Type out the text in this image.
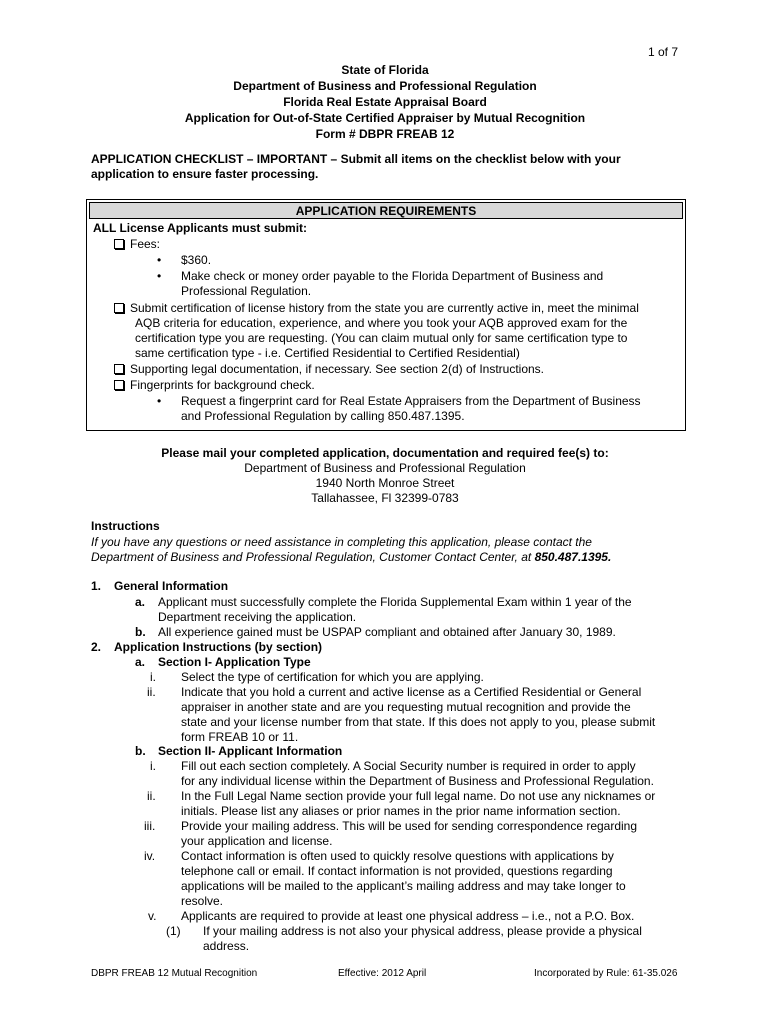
1 of 7
State of Florida
Department of Business and Professional Regulation
Florida Real Estate Appraisal Board
Application for Out-of-State Certified Appraiser by Mutual Recognition
Form # DBPR FREAB 12
APPLICATION CHECKLIST – IMPORTANT – Submit all items on the checklist below with your
application to ensure faster processing.
APPLICATION REQUIREMENTS
ALL License Applicants must submit:
Fees:
• $360.
• Make check or money order payable to the Florida Department of Business and
Professional Regulation.
Submit certification of license history from the state you are currently active in, meet the minimal
AQB criteria for education, experience, and where you took your AQB approved exam for the
certification type you are requesting. (You can claim mutual only for same certification type to
same certification type - i.e. Certified Residential to Certified Residential)
Supporting legal documentation, if necessary. See section 2(d) of Instructions.
Fingerprints for background check.
• Request a fingerprint card for Real Estate Appraisers from the Department of Business
and Professional Regulation by calling 850.487.1395.
Please mail your completed application, documentation and required fee(s) to:
Department of Business and Professional Regulation
1940 North Monroe Street
Tallahassee, Fl 32399-0783
Instructions
If you have any questions or need assistance in completing this application, please contact the
Department of Business and Professional Regulation, Customer Contact Center, at 850.487.1395.
1. General Information
a. Applicant must successfully complete the Florida Supplemental Exam within 1 year of the
Department receiving the application.
b. All experience gained must be USPAP compliant and obtained after January 30, 1989.
2. Application Instructions (by section)
a. Section I- Application Type
i. Select the type of certification for which you are applying.
ii. Indicate that you hold a current and active license as a Certified Residential or General
appraiser in another state and are you requesting mutual recognition and provide the
state and your license number from that state. If this does not apply to you, please submit
form FREAB 10 or 11.
b. Section II- Applicant Information
i. Fill out each section completely. A Social Security number is required in order to apply
for any individual license within the Department of Business and Professional Regulation.
ii. In the Full Legal Name section provide your full legal name. Do not use any nicknames or
initials. Please list any aliases or prior names in the prior name information section.
iii. Provide your mailing address. This will be used for sending correspondence regarding
your application and license.
iv. Contact information is often used to quickly resolve questions with applications by
telephone call or email. If contact information is not provided, questions regarding
applications will be mailed to the applicant’s mailing address and may take longer to
resolve.
v. Applicants are required to provide at least one physical address – i.e., not a P.O. Box.
(1) If your mailing address is not also your physical address, please provide a physical
address.
DBPR FREAB 12 Mutual Recognition	Effective: 2012 April	Incorporated by Rule: 61-35.026
